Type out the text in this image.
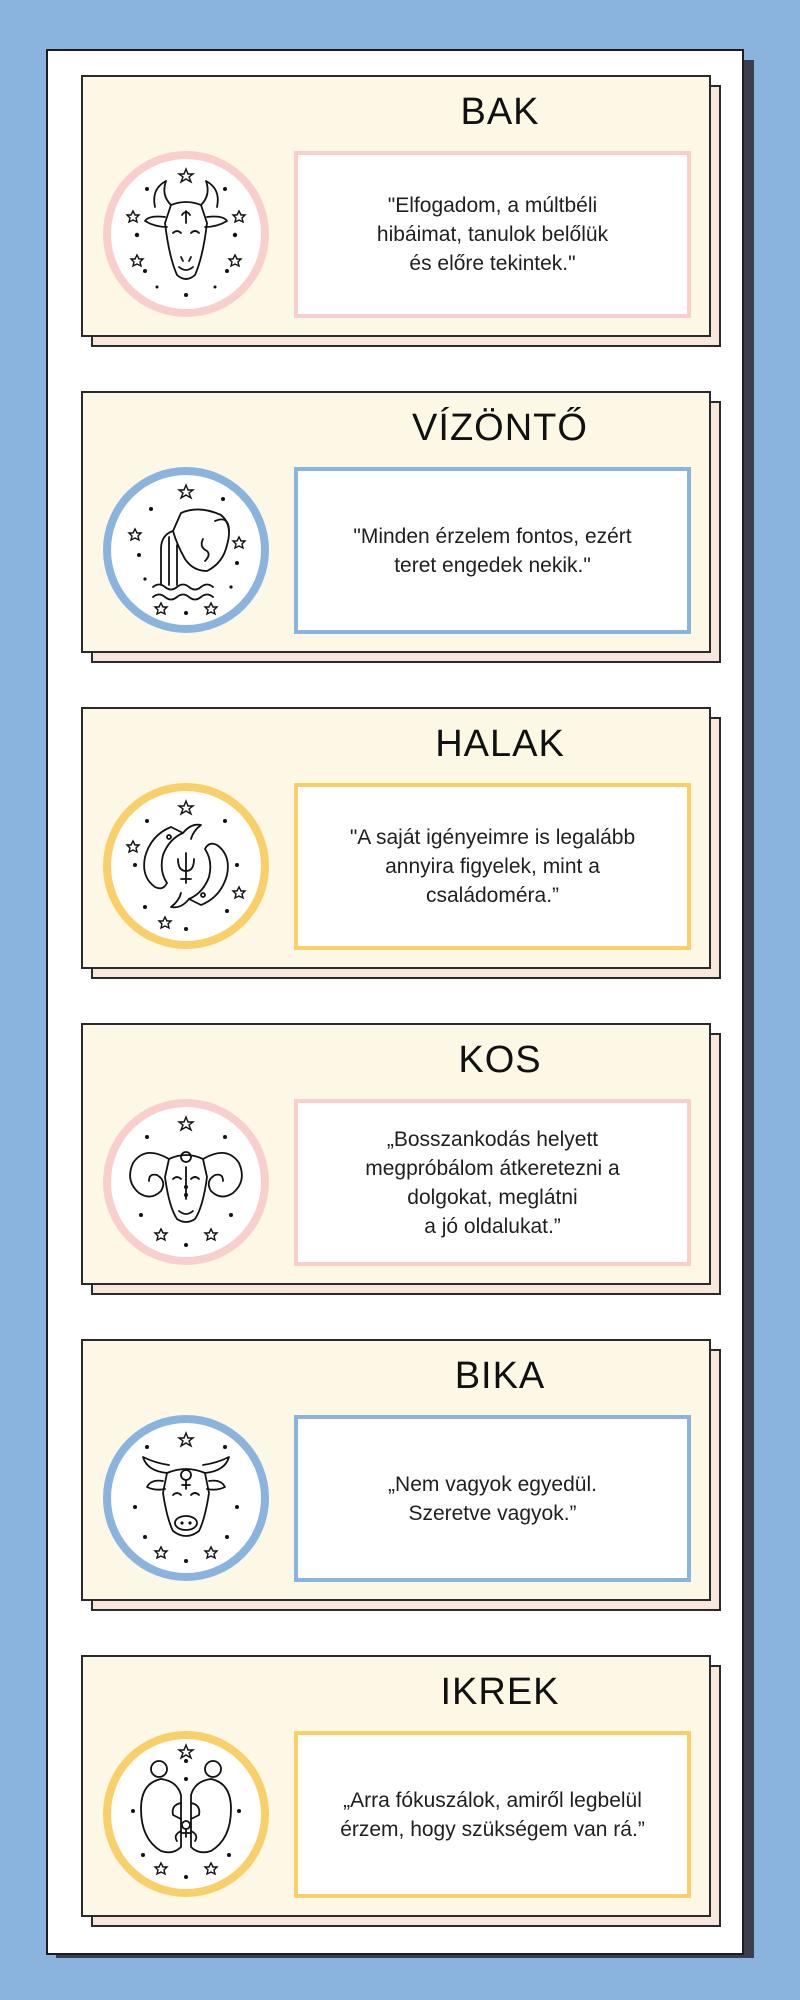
BAK
"Elfogadom, a múltbéli
hibáimat, tanulok belőlük
és előre tekintek."
VÍZÖNTŐ
"Minden érzelem fontos, ezért
teret engedek nekik."
HALAK
"A saját igényeimre is legalább
annyira figyelek, mint a
családoméra.”
KOS
„Bosszankodás helyett
megpróbálom átkeretezni a
dolgokat, meglátni
a jó oldalukat.”
BIKA
„Nem vagyok egyedül.
Szeretve vagyok.”
IKREK
„Arra fókuszálok, amiről legbelül
érzem, hogy szükségem van rá.”
